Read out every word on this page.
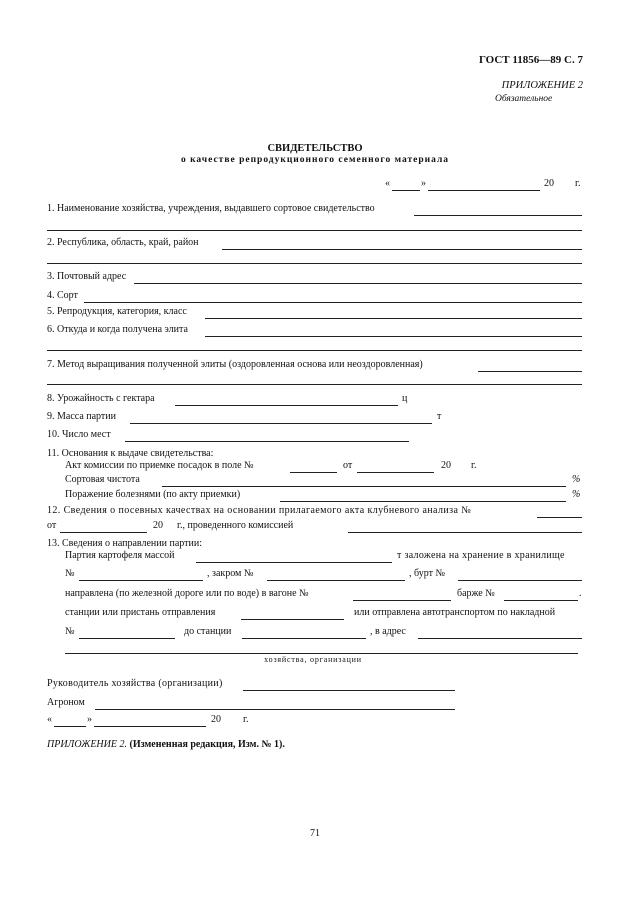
ГОСТ 11856—89 С. 7
ПРИЛОЖЕНИЕ 2
Обязательное
СВИДЕТЕЛЬСТВО
о качестве репродукционного семенного материала
«	»	20 г.
1. Наименование хозяйства, учреждения, выдавшего сортовое свидетельство
2. Республика, область, край, район
3. Почтовый адрес
4. Сорт
5. Репродукция, категория, класс
6. Откуда и когда получена элита
7. Метод выращивания полученной элиты (оздоровленная основа или неоздоровленная)
8. Урожайность с гектара	ц
9. Масса партии	т
10. Число мест
11. Основания к выдаче свидетельства:
Акт комиссии по приемке посадок в поле №	от	20 г.
Сортовая чистота	%
Поражение болезнями (по акту приемки)	%
12. Сведения о посевных качествах на основании прилагаемого акта клубневого анализа №
от	20 г., проведенного комиссией
13. Сведения о направлении партии:
Партия картофеля массой	т заложена на хранение в хранилище
№	, закром №	, бурт №
направлена (по железной дороге или по воде) в вагоне №	барже №	.
станции или пристань отправления	или отправлена автотранспортом по накладной
№	до станции	, в адрес
хозяйства, организации
Руководитель хозяйства (организации)
Агроном
«	»	20 г.
ПРИЛОЖЕНИЕ 2. (Измененная редакция, Изм. № 1).
71
